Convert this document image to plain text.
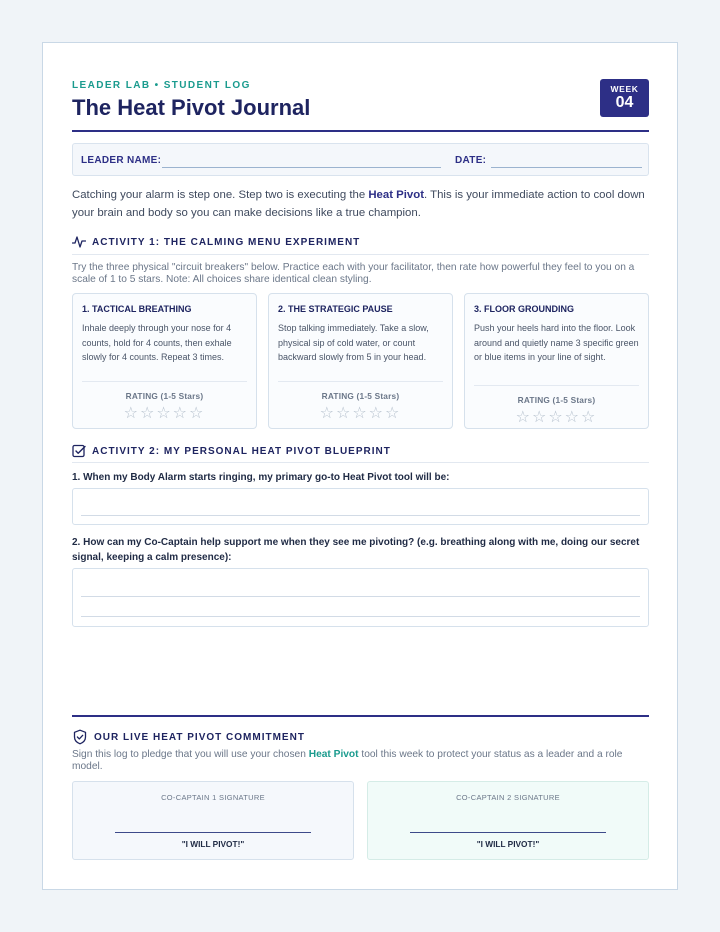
LEADER LAB • STUDENT LOG
The Heat Pivot Journal
WEEK
04
LEADER NAME:	DATE:
Catching your alarm is step one. Step two is executing the Heat Pivot. This is your immediate action to cool down your brain and body so you can make decisions like a true champion.
ACTIVITY 1: THE CALMING MENU EXPERIMENT
Try the three physical "circuit breakers" below. Practice each with your facilitator, then rate how powerful they feel to you on a scale of 1 to 5 stars. Note: All choices share identical clean styling.
1. TACTICAL BREATHING
Inhale deeply through your nose for 4 counts, hold for 4 counts, then exhale slowly for 4 counts. Repeat 3 times.
RATING (1-5 Stars)
☆☆☆☆☆
2. THE STRATEGIC PAUSE
Stop talking immediately. Take a slow, physical sip of cold water, or count backward slowly from 5 in your head.
RATING (1-5 Stars)
☆☆☆☆☆
3. FLOOR GROUNDING
Push your heels hard into the floor. Look around and quietly name 3 specific green or blue items in your line of sight.
RATING (1-5 Stars)
☆☆☆☆☆
ACTIVITY 2: MY PERSONAL HEAT PIVOT BLUEPRINT
1. When my Body Alarm starts ringing, my primary go-to Heat Pivot tool will be:
2. How can my Co-Captain help support me when they see me pivoting? (e.g. breathing along with me, doing our secret signal, keeping a calm presence):
OUR LIVE HEAT PIVOT COMMITMENT
Sign this log to pledge that you will use your chosen Heat Pivot tool this week to protect your status as a leader and a role model.
CO-CAPTAIN 1 SIGNATURE
"I WILL PIVOT!"
CO-CAPTAIN 2 SIGNATURE
"I WILL PIVOT!"
